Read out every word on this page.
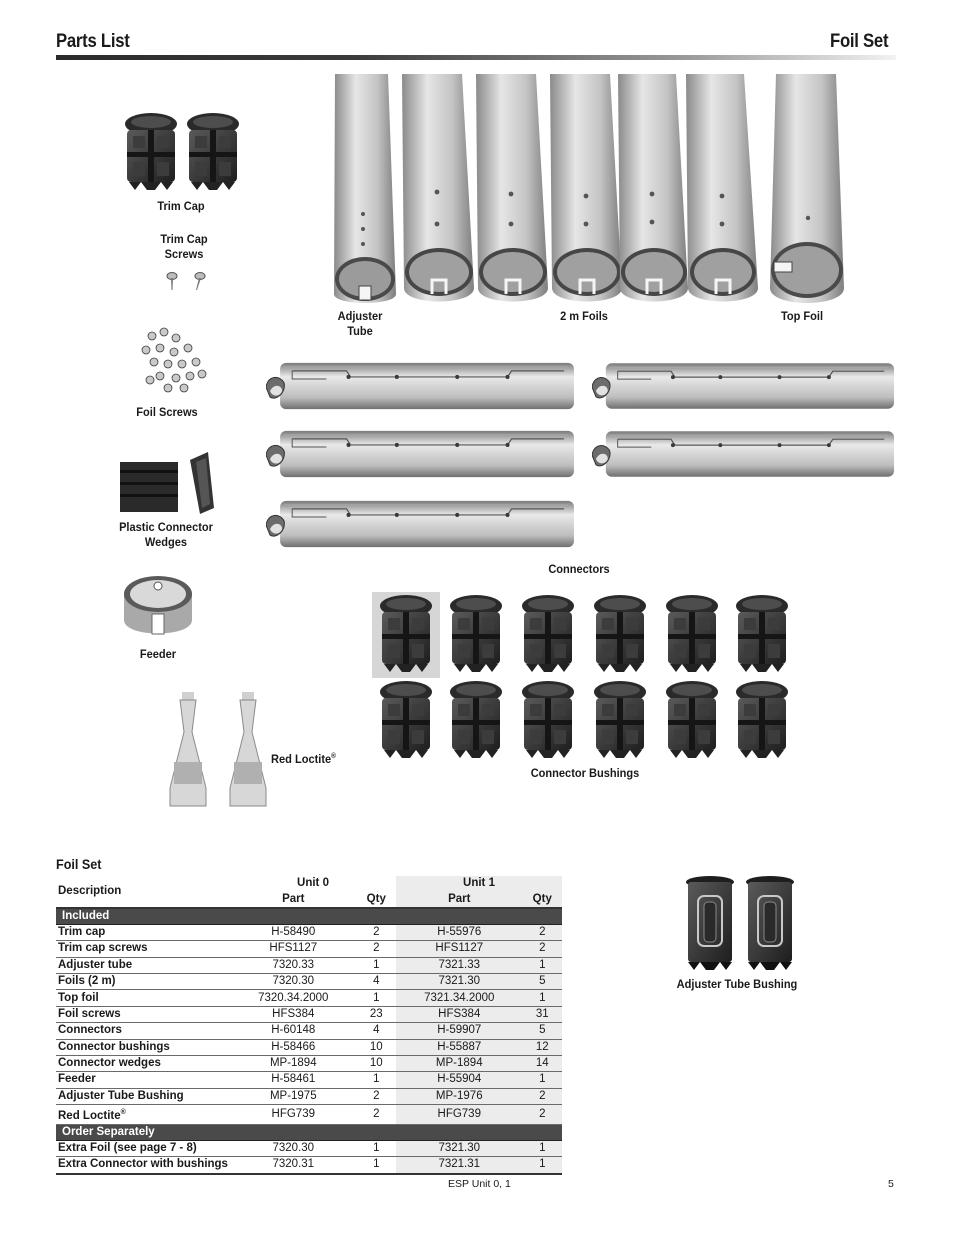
Parts List	Foil Set
Trim Cap
Trim Cap Screws
Adjuster Tube
2 m Foils	Top Foil
Foil Screws
Plastic Connector Wedges
Connectors
Feeder
Connector Bushings
Red Loctite®
Adjuster Tube Bushing
Foil Set
Description	Unit 0		Unit 1	
	Part	Qty	Part	Qty
Included				
Trim cap	H-58490	2	H-55976	2
Trim cap screws	HFS1127	2	HFS1127	2
Adjuster tube	7320.33	1	7321.33	1
Foils (2 m)	7320.30	4	7321.30	5
Top foil	7320.34.2000	1	7321.34.2000	1
Foil screws	HFS384	23	HFS384	31
Connectors	H-60148	4	H-59907	5
Connector bushings	H-58466	10	H-55887	12
Connector wedges	MP-1894	10	MP-1894	14
Feeder	H-58461	1	H-55904	1
Adjuster Tube Bushing	MP-1975	2	MP-1976	2
Red Loctite®	HFG739	2	HFG739	2
Order Separately				
Extra Foil (see page 7 - 8)	7320.30	1	7321.30	1
Extra Connector with bushings	7320.31	1	7321.31	1
ESP Unit 0, 1	5
